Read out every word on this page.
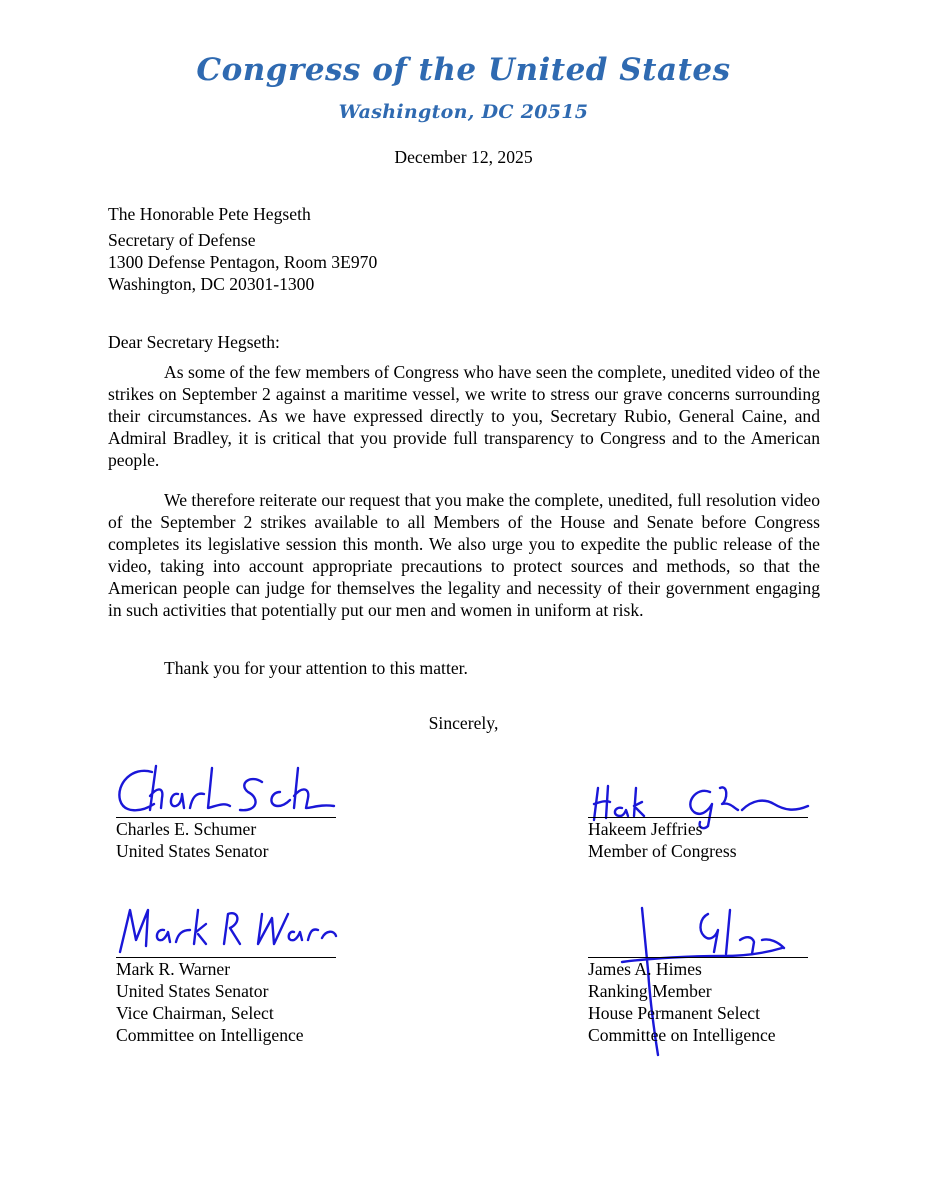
Congress of the United States
Washington, DC 20515
December 12, 2025
The Honorable Pete Hegseth
Secretary of Defense
1300 Defense Pentagon, Room 3E970
Washington, DC 20301-1300
Dear Secretary Hegseth:

As some of the few members of Congress who have seen the complete, unedited video of the strikes on September 2 against a maritime vessel, we write to stress our grave concerns surrounding their circumstances. As we have expressed directly to you, Secretary Rubio, General Caine, and Admiral Bradley, it is critical that you provide full transparency to Congress and to the American people.

We therefore reiterate our request that you make the complete, unedited, full resolution video of the September 2 strikes available to all Members of the House and Senate before Congress completes its legislative session this month. We also urge you to expedite the public release of the video, taking into account appropriate precautions to protect sources and methods, so that the American people can judge for themselves the legality and necessity of their government engaging in such activities that potentially put our men and women in uniform at risk.

Thank you for your attention to this matter.

Sincerely,
Charles E. Schumer
United States Senator
Hakeem Jeffries
Member of Congress
Mark R. Warner
United States Senator
Vice Chairman, Select
Committee on Intelligence
James A. Himes
Ranking Member
House Permanent Select
Committee on Intelligence
